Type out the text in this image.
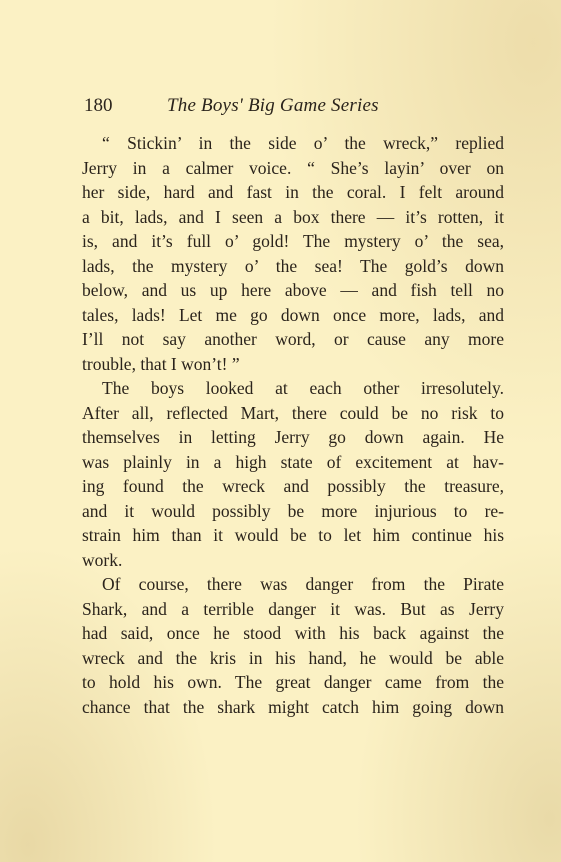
180	The Boys' Big Game Series
“ Stickin’ in the side o’ the wreck,” replied
Jerry in a calmer voice. “ She’s layin’ over on
her side, hard and fast in the coral. I felt around
a bit, lads, and I seen a box there — it’s rotten, it
is, and it’s full o’ gold! The mystery o’ the sea,
lads, the mystery o’ the sea! The gold’s down
below, and us up here above — and fish tell no
tales, lads! Let me go down once more, lads, and
I’ll not say another word, or cause any more
trouble, that I won’t! ”
The boys looked at each other irresolutely.
After all, reflected Mart, there could be no risk to
themselves in letting Jerry go down again. He
was plainly in a high state of excitement at hav-
ing found the wreck and possibly the treasure,
and it would possibly be more injurious to re-
strain him than it would be to let him continue his
work.
Of course, there was danger from the Pirate
Shark, and a terrible danger it was. But as Jerry
had said, once he stood with his back against the
wreck and the kris in his hand, he would be able
to hold his own. The great danger came from the
chance that the shark might catch him going down
